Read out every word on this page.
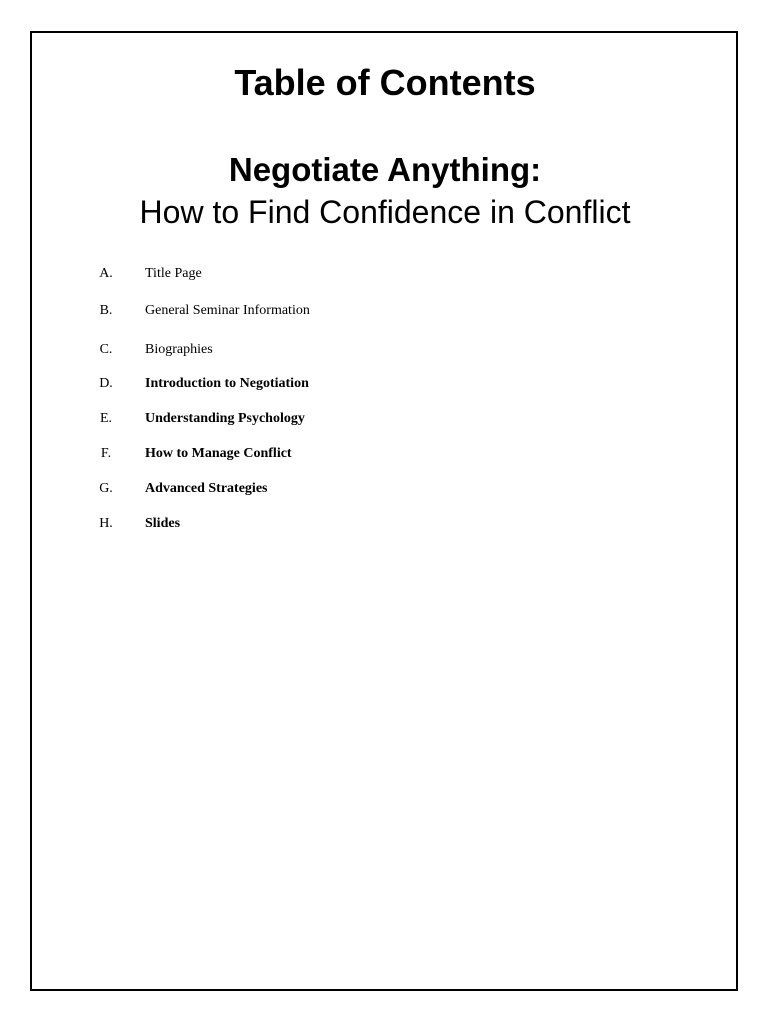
Table of Contents
Negotiate Anything:
How to Find Confidence in Conflict
A.	Title Page
B.	General Seminar Information
C.	Biographies
D.	Introduction to Negotiation
E.	Understanding Psychology
F.	How to Manage Conflict
G.	Advanced Strategies
H.	Slides
